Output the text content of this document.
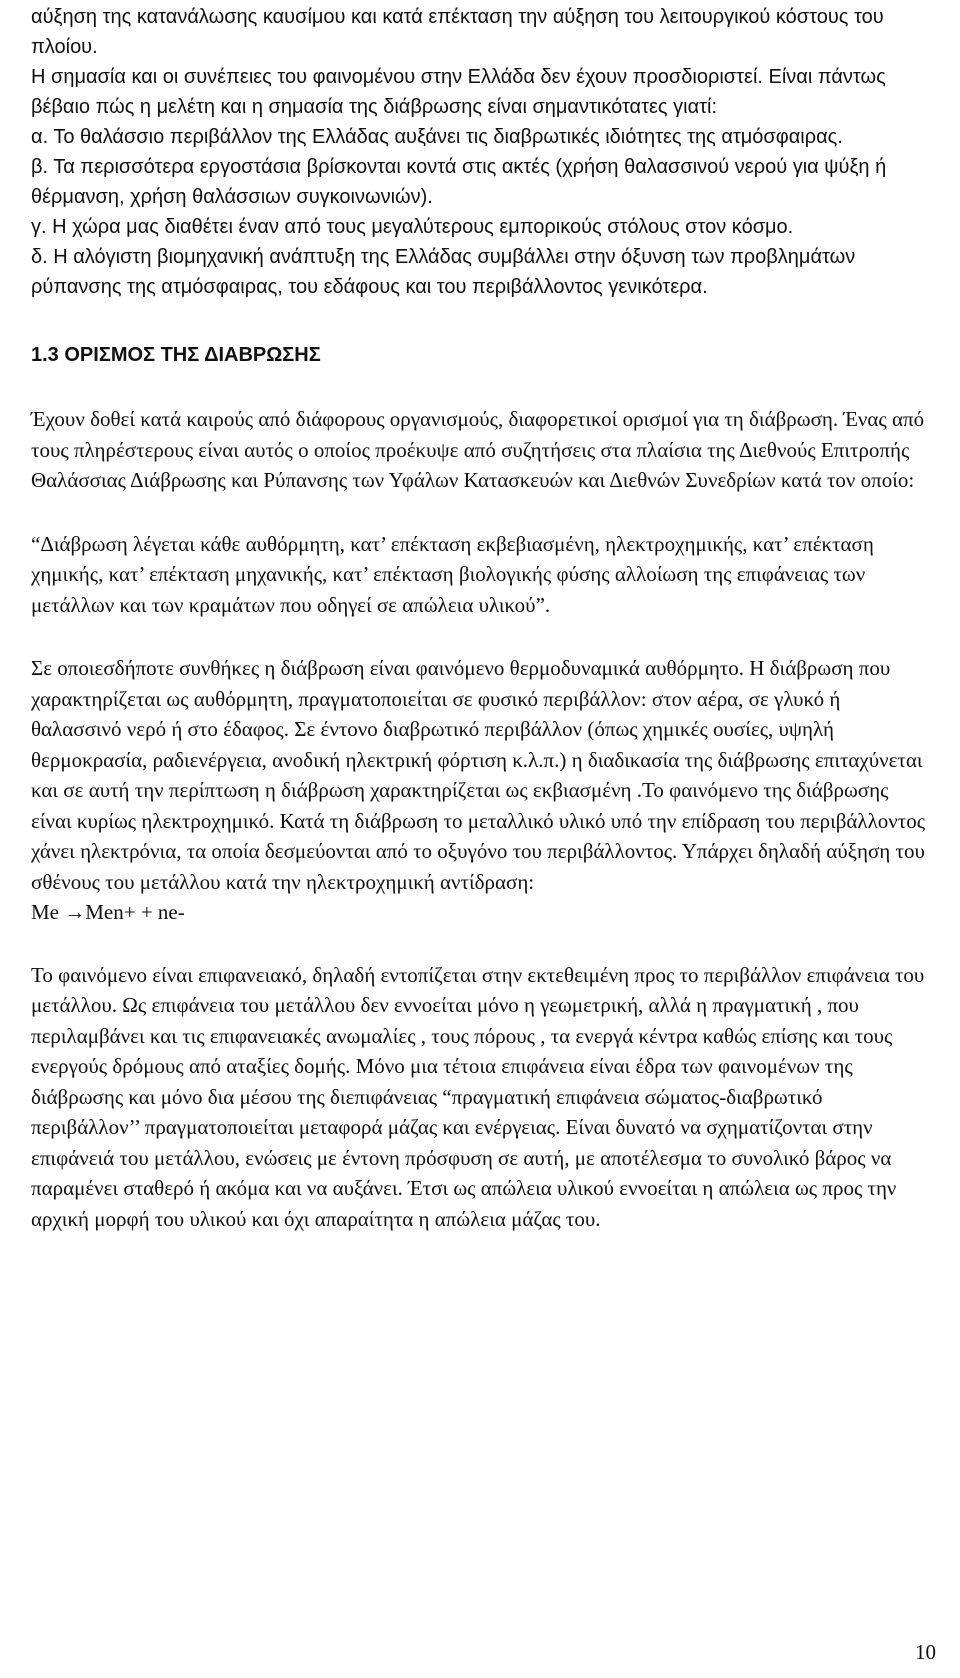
αύξηση της κατανάλωσης καυσίμου και κατά επέκταση την αύξηση του λειτουργικού κόστους του πλοίου.

Η σημασία και οι συνέπειες του φαινομένου στην Ελλάδα δεν έχουν προσδιοριστεί. Είναι πάντως βέβαιο πώς η μελέτη και η σημασία της διάβρωσης είναι σημαντικότατες γιατί:

α. Το θαλάσσιο περιβάλλον της Ελλάδας αυξάνει τις διαβρωτικές ιδιότητες της ατμόσφαιρας.

β. Τα περισσότερα εργοστάσια βρίσκονται κοντά στις ακτές (χρήση θαλασσινού νερού για ψύξη ή θέρμανση, χρήση θαλάσσιων συγκοινωνιών).

γ. Η χώρα μας διαθέτει έναν από τους μεγαλύτερους εμπορικούς στόλους στον κόσμο.

δ. Η αλόγιστη βιομηχανική ανάπτυξη της Ελλάδας συμβάλλει στην όξυνση των προβλημάτων ρύπανσης της ατμόσφαιρας, του εδάφους και του περιβάλλοντος γενικότερα.

1.3 ΟΡΙΣΜΟΣ ΤΗΣ ΔΙΑΒΡΩΣΗΣ

Έχουν δοθεί κατά καιρούς από διάφορους οργανισμούς, διαφορετικοί ορισμοί για τη διάβρωση. Ένας από τους πληρέστερους είναι αυτός ο οποίος προέκυψε από συζητήσεις στα πλαίσια της Διεθνούς Επιτροπής Θαλάσσιας Διάβρωσης και Ρύπανσης των Υφάλων Κατασκευών και Διεθνών Συνεδρίων κατά τον οποίο:

“Διάβρωση λέγεται κάθε αυθόρμητη, κατ’ επέκταση εκβεβιασμένη, ηλεκτροχημικής, κατ’ επέκταση χημικής, κατ’ επέκταση μηχανικής, κατ’ επέκταση βιολογικής φύσης αλλοίωση της επιφάνειας των μετάλλων και των κραμάτων που οδηγεί σε απώλεια υλικού”.

Σε οποιεσδήποτε συνθήκες η διάβρωση είναι φαινόμενο θερμοδυναμικά αυθόρμητο. Η διάβρωση που χαρακτηρίζεται ως αυθόρμητη, πραγματοποιείται σε φυσικό περιβάλλον: στον αέρα, σε γλυκό ή θαλασσινό νερό ή στο έδαφος. Σε έντονο διαβρωτικό περιβάλλον (όπως χημικές ουσίες, υψηλή θερμοκρασία, ραδιενέργεια, ανοδική ηλεκτρική φόρτιση κ.λ.π.) η διαδικασία της διάβρωσης επιταχύνεται και σε αυτή την περίπτωση η διάβρωση χαρακτηρίζεται ως εκβιασμένη .Το φαινόμενο της διάβρωσης είναι κυρίως ηλεκτροχημικό. Κατά τη διάβρωση το μεταλλικό υλικό υπό την επίδραση του περιβάλλοντος χάνει ηλεκτρόνια, τα οποία δεσμεύονται από το οξυγόνο του περιβάλλοντος. Υπάρχει δηλαδή αύξηση του σθένους του μετάλλου κατά την ηλεκτροχημική αντίδραση:

Me →Men+ + ne-

Το φαινόμενο είναι επιφανειακό, δηλαδή εντοπίζεται στην εκτεθειμένη προς το περιβάλλον επιφάνεια του μετάλλου. Ως επιφάνεια του μετάλλου δεν εννοείται μόνο η γεωμετρική, αλλά η πραγματική , που περιλαμβάνει και τις επιφανειακές ανωμαλίες , τους πόρους , τα ενεργά κέντρα καθώς επίσης και τους ενεργούς δρόμους από αταξίες δομής. Μόνο μια τέτοια επιφάνεια είναι έδρα των φαινομένων της διάβρωσης και μόνο δια μέσου της διεπιφάνειας “πραγματική επιφάνεια σώματος-διαβρωτικό περιβάλλον’’ πραγματοποιείται μεταφορά μάζας και ενέργειας. Είναι δυνατό να σχηματίζονται στην επιφάνειά του μετάλλου, ενώσεις με έντονη πρόσφυση σε αυτή, με αποτέλεσμα το συνολικό βάρος να παραμένει σταθερό ή ακόμα και να αυξάνει. Έτσι ως απώλεια υλικού εννοείται η απώλεια ως προς την αρχική μορφή του υλικού και όχι απαραίτητα η απώλεια μάζας του.

10
